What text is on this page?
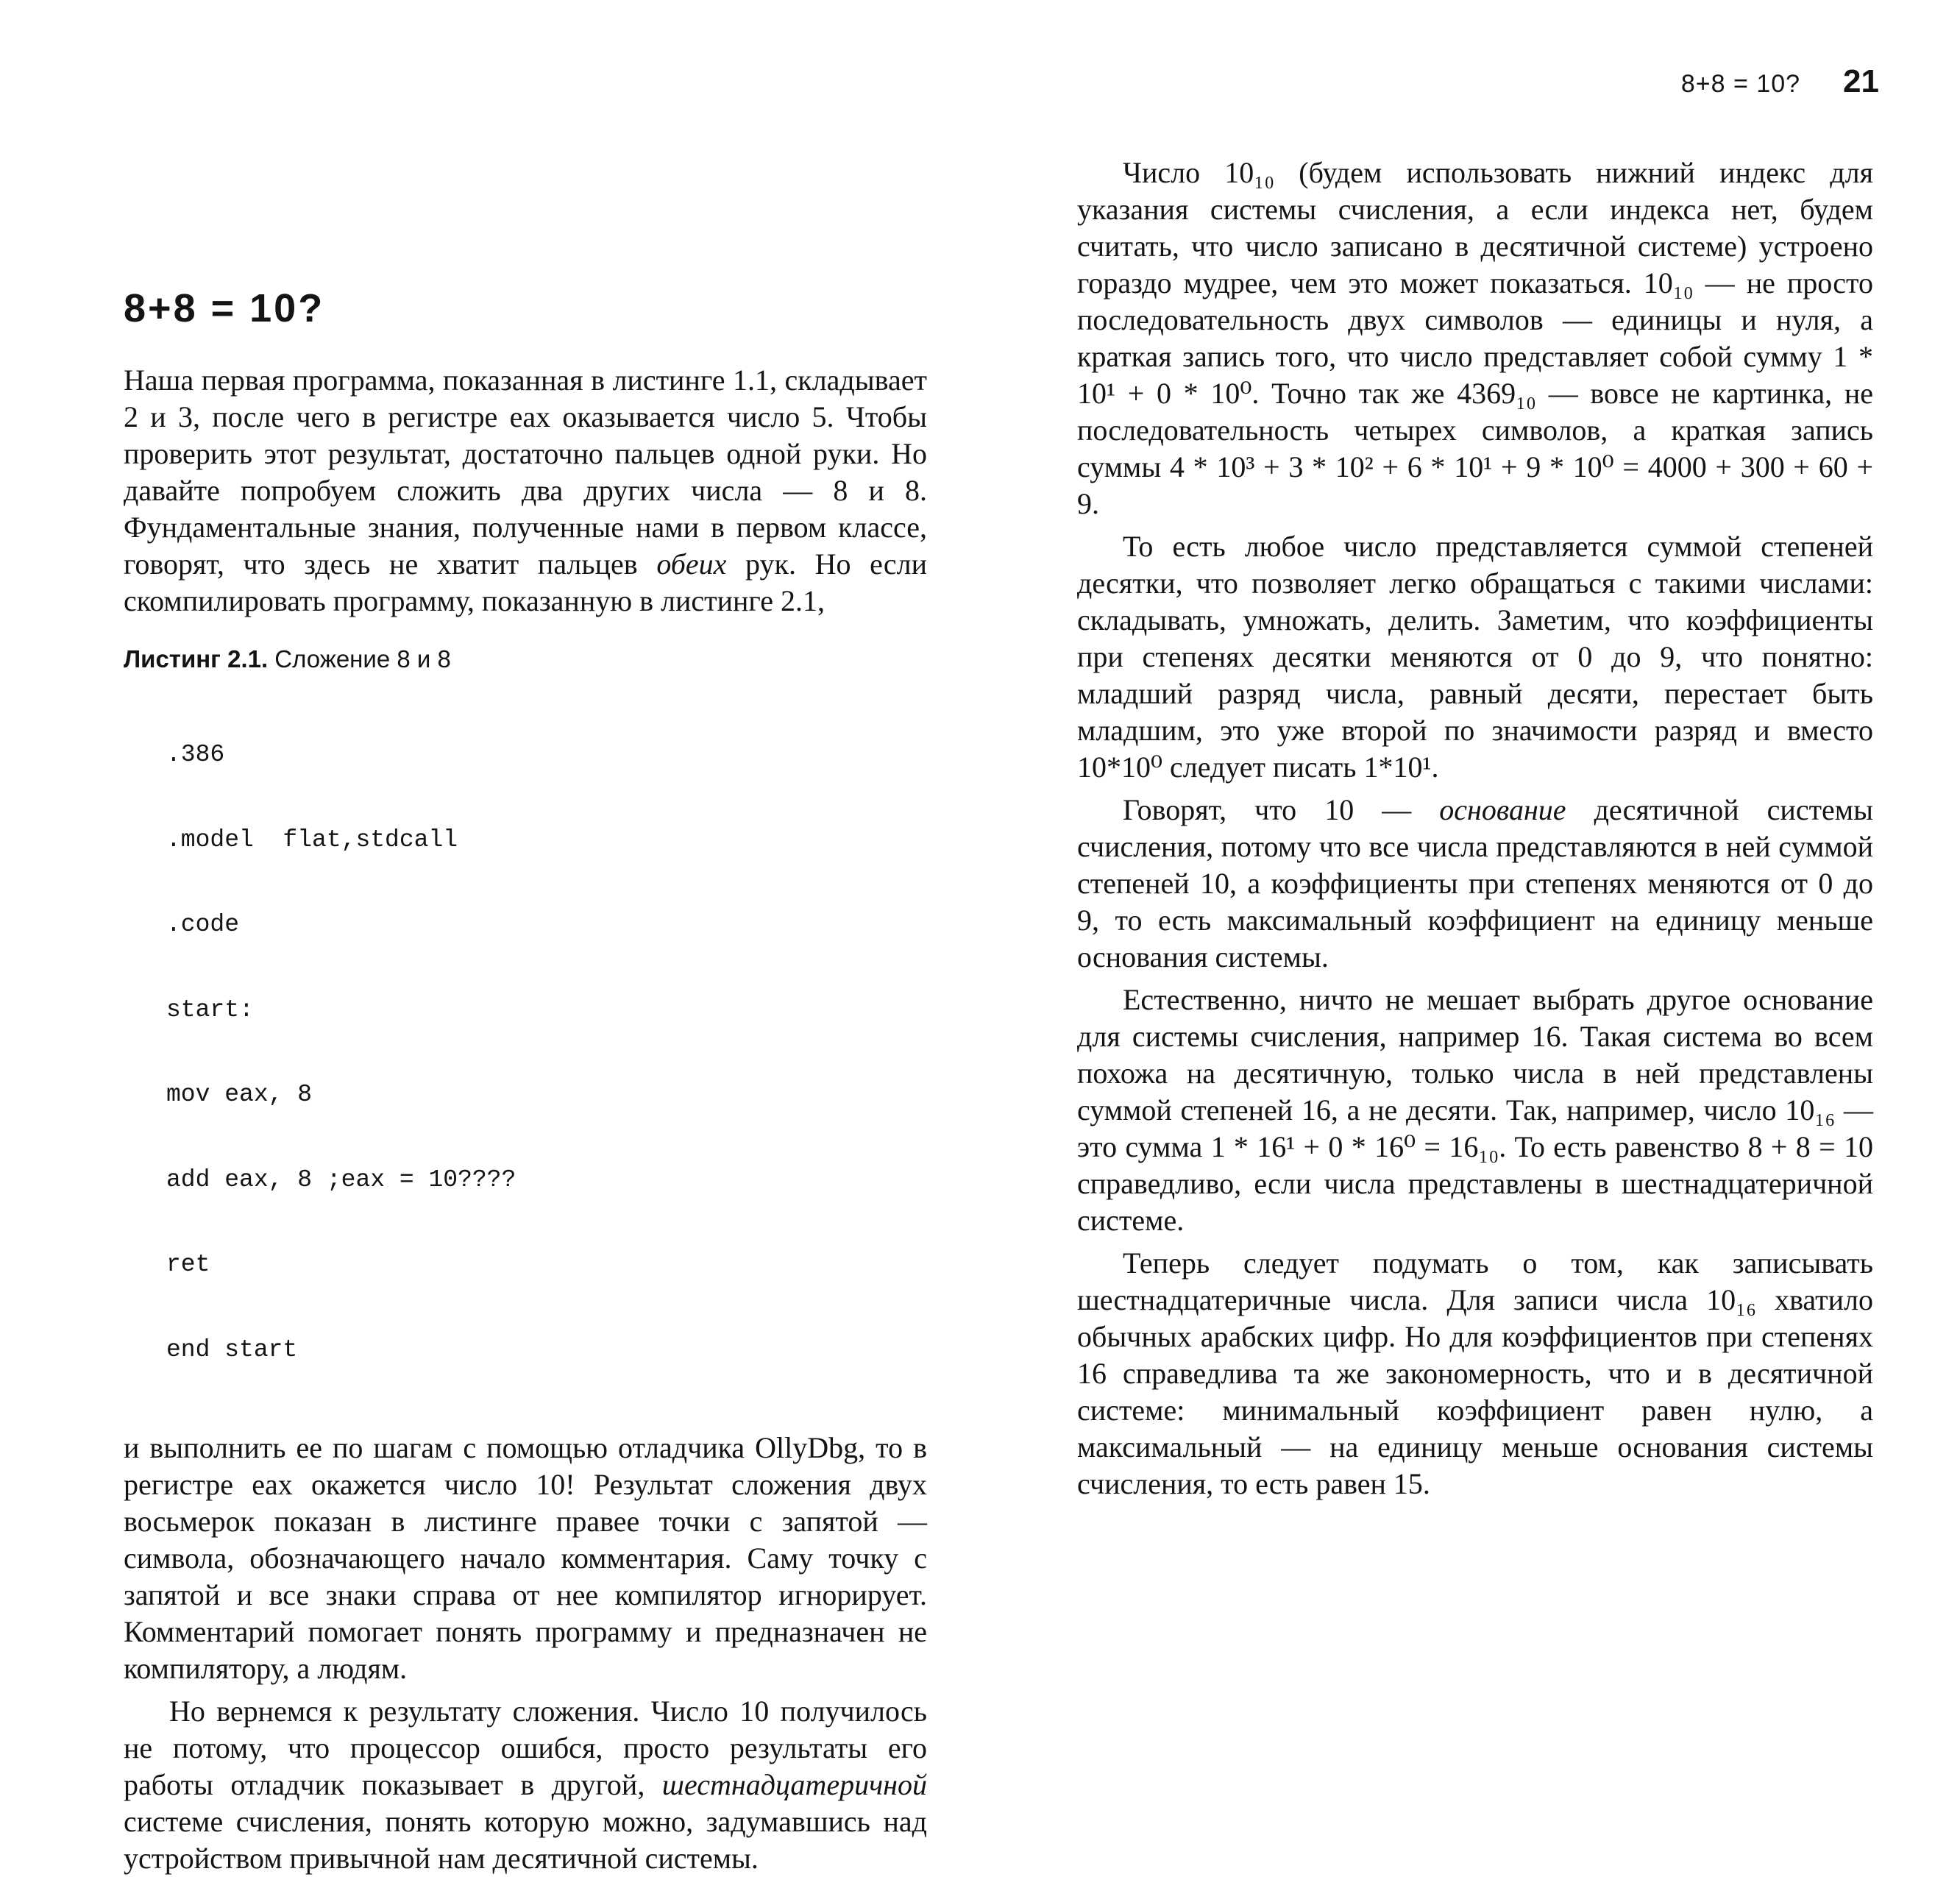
8+8 = 10?

Наша первая программа, показанная в листинге 1.1, складывает 2 и 3, после чего в регистре eax оказывается число 5. Чтобы проверить этот результат, достаточно пальцев одной руки. Но давайте попробуем сложить два других числа — 8 и 8. Фундаментальные знания, полученные нами в первом классе, говорят, что здесь не хватит пальцев обеих рук. Но если скомпилировать программу, показанную в листинге 2.1,

Листинг 2.1. Сложение 8 и 8

.386

.model  flat,stdcall

.code

start:

mov eax, 8

add eax, 8 ;eax = 10????

ret

end start

и выполнить ее по шагам с помощью отладчика OllyDbg, то в регистре eax окажется число 10! Результат сложения двух восьмерок показан в листинге правее точки с запятой — символа, обозначающего начало комментария. Саму точку с запятой и все знаки справа от нее компилятор игнорирует. Комментарий помогает понять программу и предназначен не компилятору, а людям.

Но вернемся к результату сложения. Число 10 получилось не потому, что процессор ошибся, просто результаты его работы отладчик показывает в другой, шестнадцатеричной системе счисления, понять которую можно, задумавшись над устройством привычной нам десятичной системы.

8+8 = 10? 21

Число 10₁₀ (будем использовать нижний индекс для указания системы счисления, а если индекса нет, будем считать, что число записано в десятичной системе) устроено гораздо мудрее, чем это может показаться. 10₁₀ — не просто последовательность двух символов — единицы и нуля, а краткая запись того, что число представляет собой сумму 1 * 10¹ + 0 * 10⁰. Точно так же 4369₁₀ — вовсе не картинка, не последовательность четырех символов, а краткая запись суммы 4 * 10³ + 3 * 10² + 6 * 10¹ + 9 * 10⁰ = 4000 + 300 + 60 + 9.

То есть любое число представляется суммой степеней десятки, что позволяет легко обращаться с такими числами: складывать, умножать, делить. Заметим, что коэффициенты при степенях десятки меняются от 0 до 9, что понятно: младший разряд числа, равный десяти, перестает быть младшим, это уже второй по значимости разряд и вместо 10*10⁰ следует писать 1*10¹.

Говорят, что 10 — основание десятичной системы счисления, потому что все числа представляются в ней суммой степеней 10, а коэффициенты при степенях меняются от 0 до 9, то есть максимальный коэффициент на единицу меньше основания системы.

Естественно, ничто не мешает выбрать другое основание для системы счисления, например 16. Такая система во всем похожа на десятичную, только числа в ней представлены суммой степеней 16, а не десяти. Так, например, число 10₁₆ — это сумма 1 * 16¹ + 0 * 16⁰ = 16₁₀. То есть равенство 8 + 8 = 10 справедливо, если числа представлены в шестнадцатеричной системе.

Теперь следует подумать о том, как записывать шестнадцатеричные числа. Для записи числа 10₁₆ хватило обычных арабских цифр. Но для коэффициентов при степенях 16 справедлива та же закономерность, что и в десятичной системе: минимальный коэффициент равен нулю, а максимальный — на единицу меньше основания системы счисления, то есть равен 15.
